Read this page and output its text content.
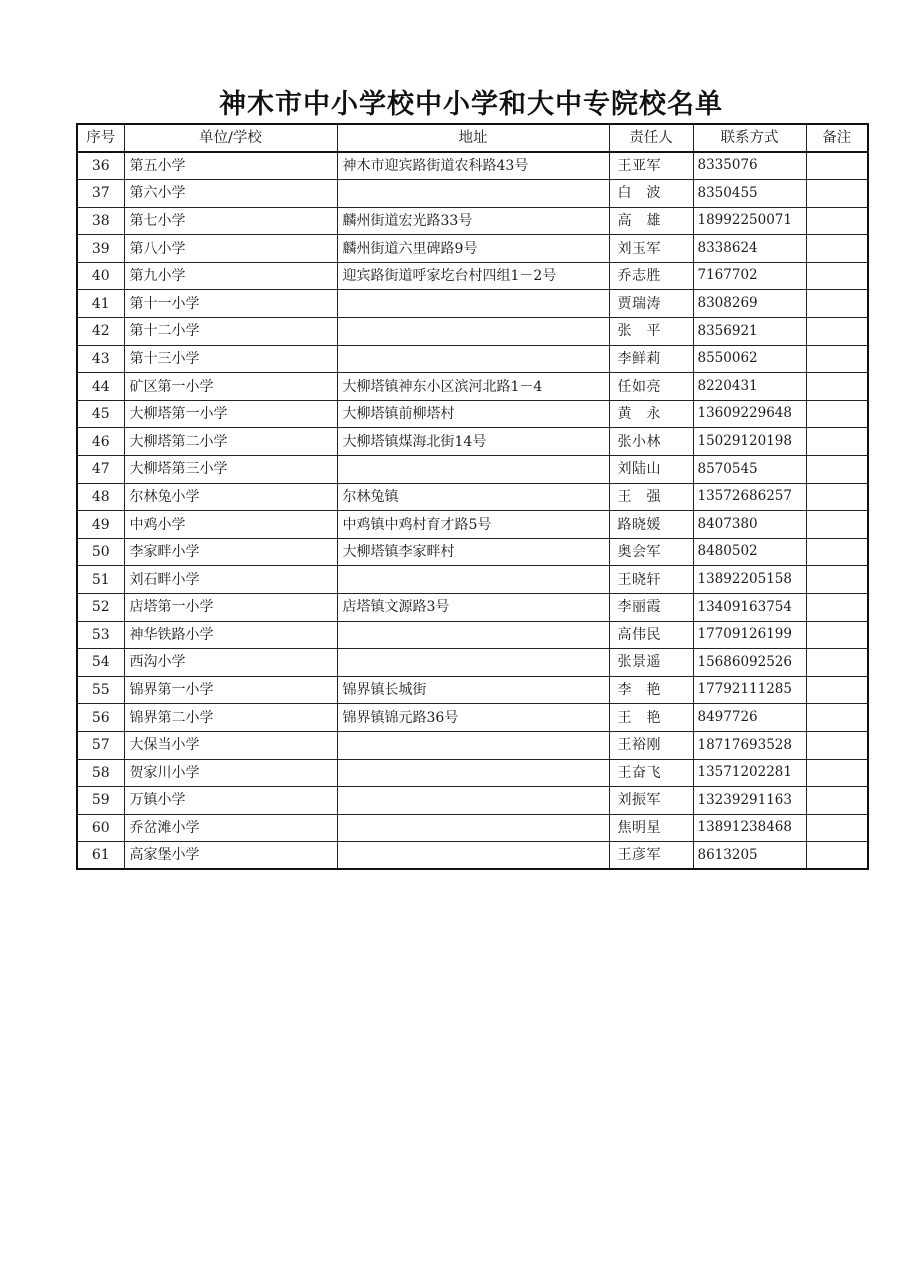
神木市中小学校中小学和大中专院校名单
序号	单位/学校	地址	责任人	联系方式	备注
36	第五小学	神木市迎宾路街道农科路43号	王亚军	8335076	
37	第六小学		白　波	8350455	
38	第七小学	麟州街道宏光路33号	高　雄	18992250071	
39	第八小学	麟州街道六里碑路9号	刘玉军	8338624	
40	第九小学	迎宾路街道呼家圪台村四组1－2号	乔志胜	7167702	
41	第十一小学		贾瑞涛	8308269	
42	第十二小学		张　平	8356921	
43	第十三小学		李鲜莉	8550062	
44	矿区第一小学	大柳塔镇神东小区滨河北路1－4	任如亮	8220431	
45	大柳塔第一小学	大柳塔镇前柳塔村	黄　永	13609229648	
46	大柳塔第二小学	大柳塔镇煤海北街14号	张小林	15029120198	
47	大柳塔第三小学		刘陆山	8570545	
48	尔林兔小学	尔林兔镇	王　强	13572686257	
49	中鸡小学	中鸡镇中鸡村育才路5号	路晓媛	8407380	
50	李家畔小学	大柳塔镇李家畔村	奥会军	8480502	
51	刘石畔小学		王晓轩	13892205158	
52	店塔第一小学	店塔镇文源路3号	李丽霞	13409163754	
53	神华铁路小学		高伟民	17709126199	
54	西沟小学		张景遥	15686092526	
55	锦界第一小学	锦界镇长城街	李　艳	17792111285	
56	锦界第二小学	锦界镇锦元路36号	王　艳	8497726	
57	大保当小学		王裕刚	18717693528	
58	贺家川小学		王奋飞	13571202281	
59	万镇小学		刘振军	13239291163	
60	乔岔滩小学		焦明星	13891238468	
61	高家堡小学		王彦军	8613205	
